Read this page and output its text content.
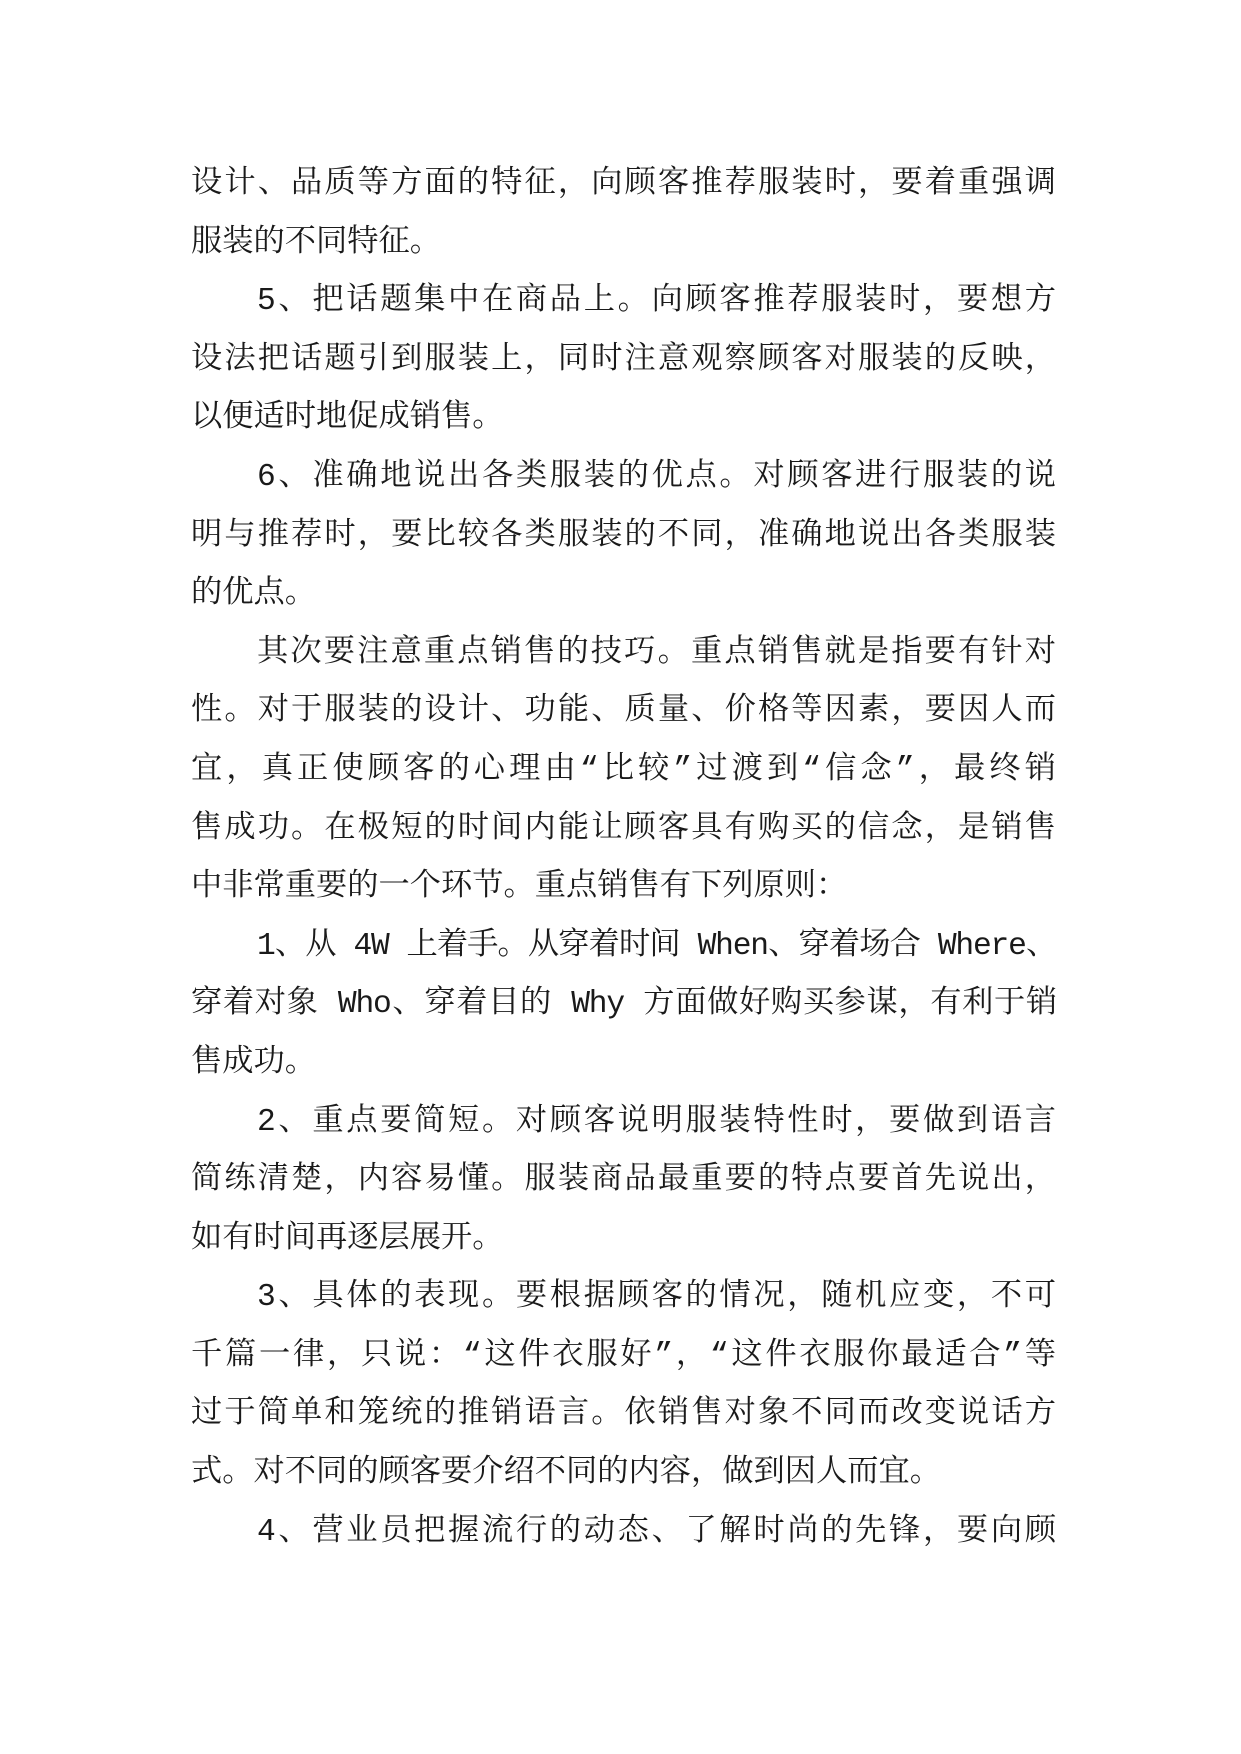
设计、品质等方面的特征，向顾客推荐服装时，要着重强调
服装的不同特征。
5、把话题集中在商品上。向顾客推荐服装时，要想方
设法把话题引到服装上，同时注意观察顾客对服装的反映，
以便适时地促成销售。
6、准确地说出各类服装的优点。对顾客进行服装的说
明与推荐时，要比较各类服装的不同，准确地说出各类服装
的优点。
其次要注意重点销售的技巧。重点销售就是指要有针对
性。对于服装的设计、功能、质量、价格等因素，要因人而
宜，真正使顾客的心理由“比较”过渡到“信念”，最终销
售成功。在极短的时间内能让顾客具有购买的信念，是销售
中非常重要的一个环节。重点销售有下列原则：
1、从 4W 上着手。从穿着时间 When、穿着场合 Where、
穿着对象 Who、穿着目的 Why 方面做好购买参谋，有利于销
售成功。
2、重点要简短。对顾客说明服装特性时，要做到语言
简练清楚，内容易懂。服装商品最重要的特点要首先说出，
如有时间再逐层展开。
3、具体的表现。要根据顾客的情况，随机应变，不可
千篇一律，只说：“这件衣服好”，“这件衣服你最适合”等
过于简单和笼统的推销语言。依销售对象不同而改变说话方
式。对不同的顾客要介绍不同的内容，做到因人而宜。
4、营业员把握流行的动态、了解时尚的先锋，要向顾
